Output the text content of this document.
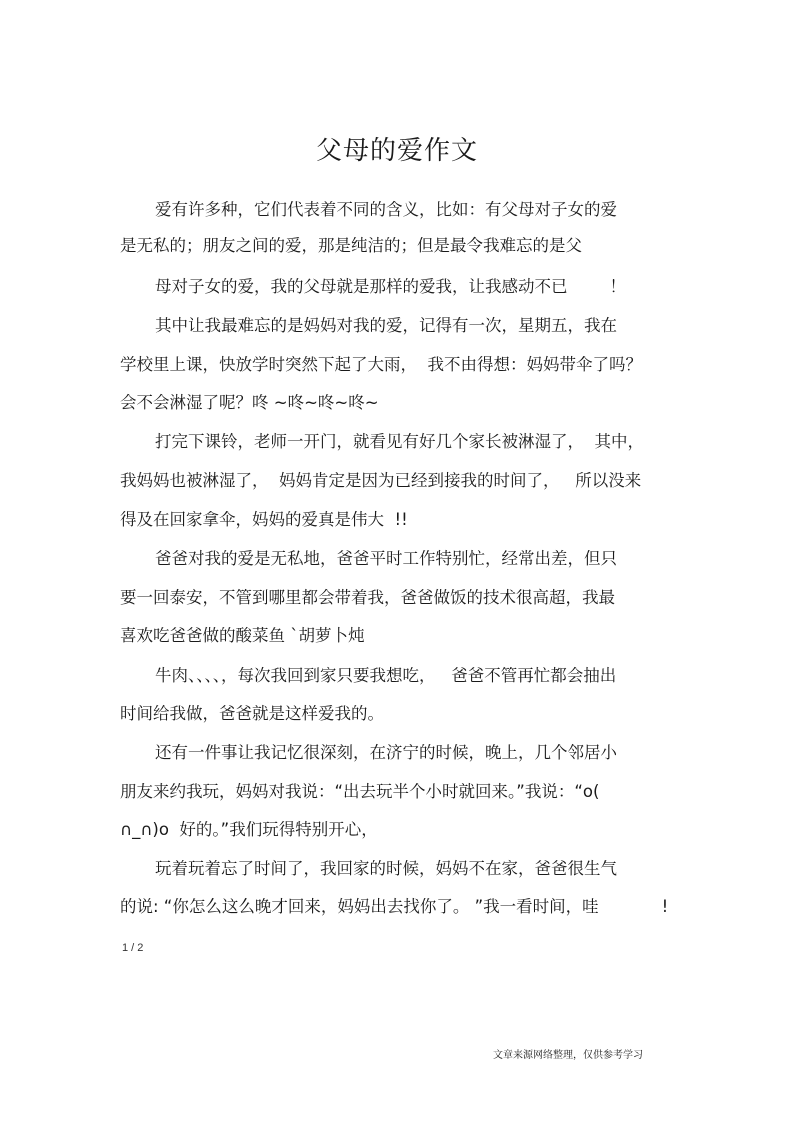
父母的爱作文
爱有许多种，它们代表着不同的含义，比如：有父母对子女的爱
是无私的；朋友之间的爱，那是纯洁的；但是最令我难忘的是父
母对子女的爱，我的父母就是那样的爱我，让我感动不已        ！
其中让我最难忘的是妈妈对我的爱，记得有一次，星期五，我在
学校里上课，快放学时突然下起了大雨，  我不由得想：妈妈带伞了吗？
会不会淋湿了呢？咚 ~咚~咚~咚~
打完下课铃，老师一开门，就看见有好几个家长被淋湿了，  其中，
我妈妈也被淋湿了，  妈妈肯定是因为已经到接我的时间了，   所以没来
得及在回家拿伞，妈妈的爱真是伟大  !!
爸爸对我的爱是无私地，爸爸平时工作特别忙，经常出差，但只
要一回泰安，不管到哪里都会带着我，爸爸做饭的技术很高超，我最
喜欢吃爸爸做的酸菜鱼 `胡萝卜炖
牛肉、、、、，每次我回到家只要我想吃，   爸爸不管再忙都会抽出
时间给我做，爸爸就是这样爱我的。
还有一件事让我记忆很深刻，在济宁的时候，晚上，几个邻居小
朋友来约我玩，妈妈对我说：“出去玩半个小时就回来。”我说：“o(
∩_∩)o  好的。”我们玩得特别开心，
玩着玩着忘了时间了，我回家的时候，妈妈不在家，爸爸很生气
的说: “你怎么这么晚才回来，妈妈出去找你了。 ”我一看时间，哇            !
1 / 2
文章来源网络整理，仅供参考学习
